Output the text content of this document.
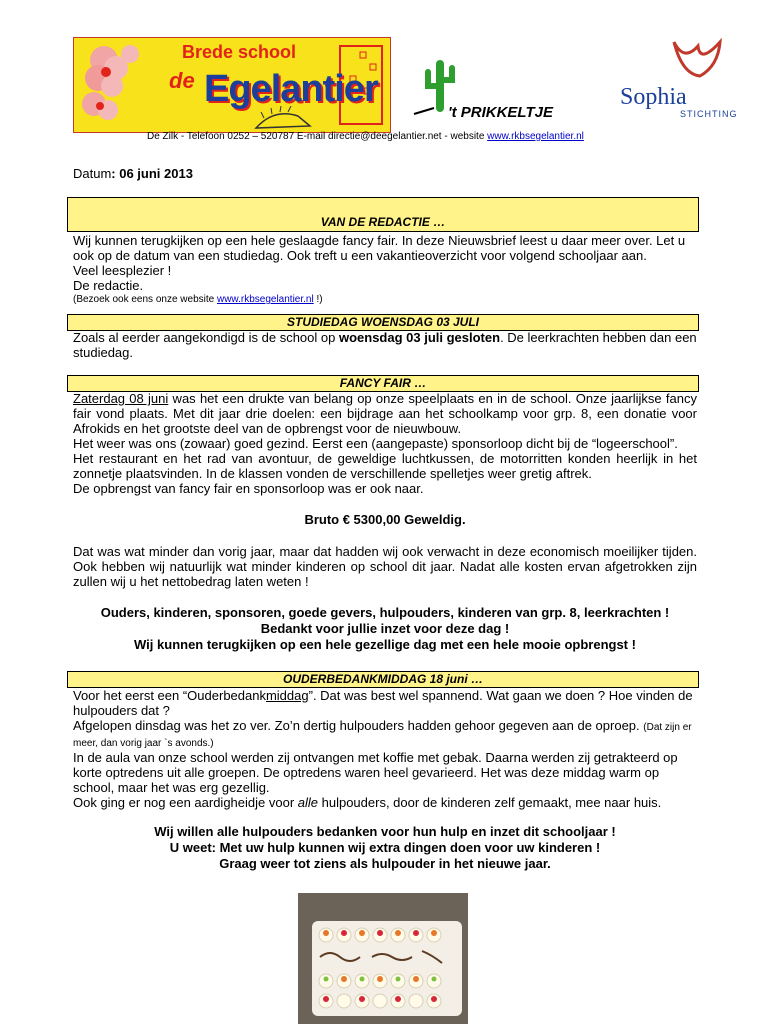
Brede school
de Egelantier
't PRIKKELTJE
Sophia
STICHTING
De Zilk - Telefoon 0252 – 520787 E-mail directie@deegelantier.net - website www.rkbsegelantier.nl
Datum: 06 juni 2013
VAN DE REDACTIE …

Wij kunnen terugkijken op een hele geslaagde fancy fair. In deze Nieuwsbrief leest u daar meer over. Let u ook op de datum van een studiedag. Ook treft u een vakantieoverzicht voor volgend schooljaar aan.

Veel leesplezier !

De redactie.

(Bezoek ook eens onze website www.rkbsegelantier.nl !)

STUDIEDAG WOENSDAG 03 JULI

Zoals al eerder aangekondigd is de school op woensdag 03 juli gesloten. De leerkrachten hebben dan een
studiedag.

FANCY FAIR …

Zaterdag 08 juni was het een drukte van belang op onze speelplaats en in de school. Onze jaarlijkse fancy fair vond plaats. Met dit jaar drie doelen: een bijdrage aan het schoolkamp voor grp. 8, een donatie voor Afrokids en het grootste deel van de opbrengst voor de nieuwbouw.

Het weer was ons (zowaar) goed gezind. Eerst een (aangepaste) sponsorloop dicht bij de “logeerschool”.

Het restaurant en het rad van avontuur, de geweldige luchtkussen, de motorritten konden heerlijk in het zonnetje plaatsvinden. In de klassen vonden de verschillende spelletjes weer gretig aftrek.

De opbrengst van fancy fair en sponsorloop was er ook naar.

Bruto € 5300,00 Geweldig.

Dat was wat minder dan vorig jaar, maar dat hadden wij ook verwacht in deze economisch moeilijker tijden. Ook hebben wij natuurlijk wat minder kinderen op school dit jaar. Nadat alle kosten ervan afgetrokken zijn zullen wij u het nettobedrag laten weten !

Ouders, kinderen, sponsoren, goede gevers, hulpouders, kinderen van grp. 8, leerkrachten !

Bedankt voor jullie inzet voor deze dag !

Wij kunnen terugkijken op een hele gezellige dag met een hele mooie opbrengst !

OUDERBEDANKMIDDAG 18 juni …

Voor het eerst een “Ouderbedankmiddag”. Dat was best wel spannend. Wat gaan we doen ? Hoe vinden de hulpouders dat ?

Afgelopen dinsdag was het zo ver. Zo’n dertig hulpouders hadden gehoor gegeven aan de oproep. (Dat zijn er meer, dan vorig jaar `s avonds.)

In de aula van onze school werden zij ontvangen met koffie met gebak. Daarna werden zij getrakteerd op korte optredens uit alle groepen. De optredens waren heel gevarieerd. Het was deze middag warm op school, maar het was erg gezellig.

Ook ging er nog een aardigheidje voor alle hulpouders, door de kinderen zelf gemaakt, mee naar huis.

Wij willen alle hulpouders bedanken voor hun hulp en inzet dit schooljaar !

U weet: Met uw hulp kunnen wij extra dingen doen voor uw kinderen !

Graag weer tot ziens als hulpouder in het nieuwe jaar.
